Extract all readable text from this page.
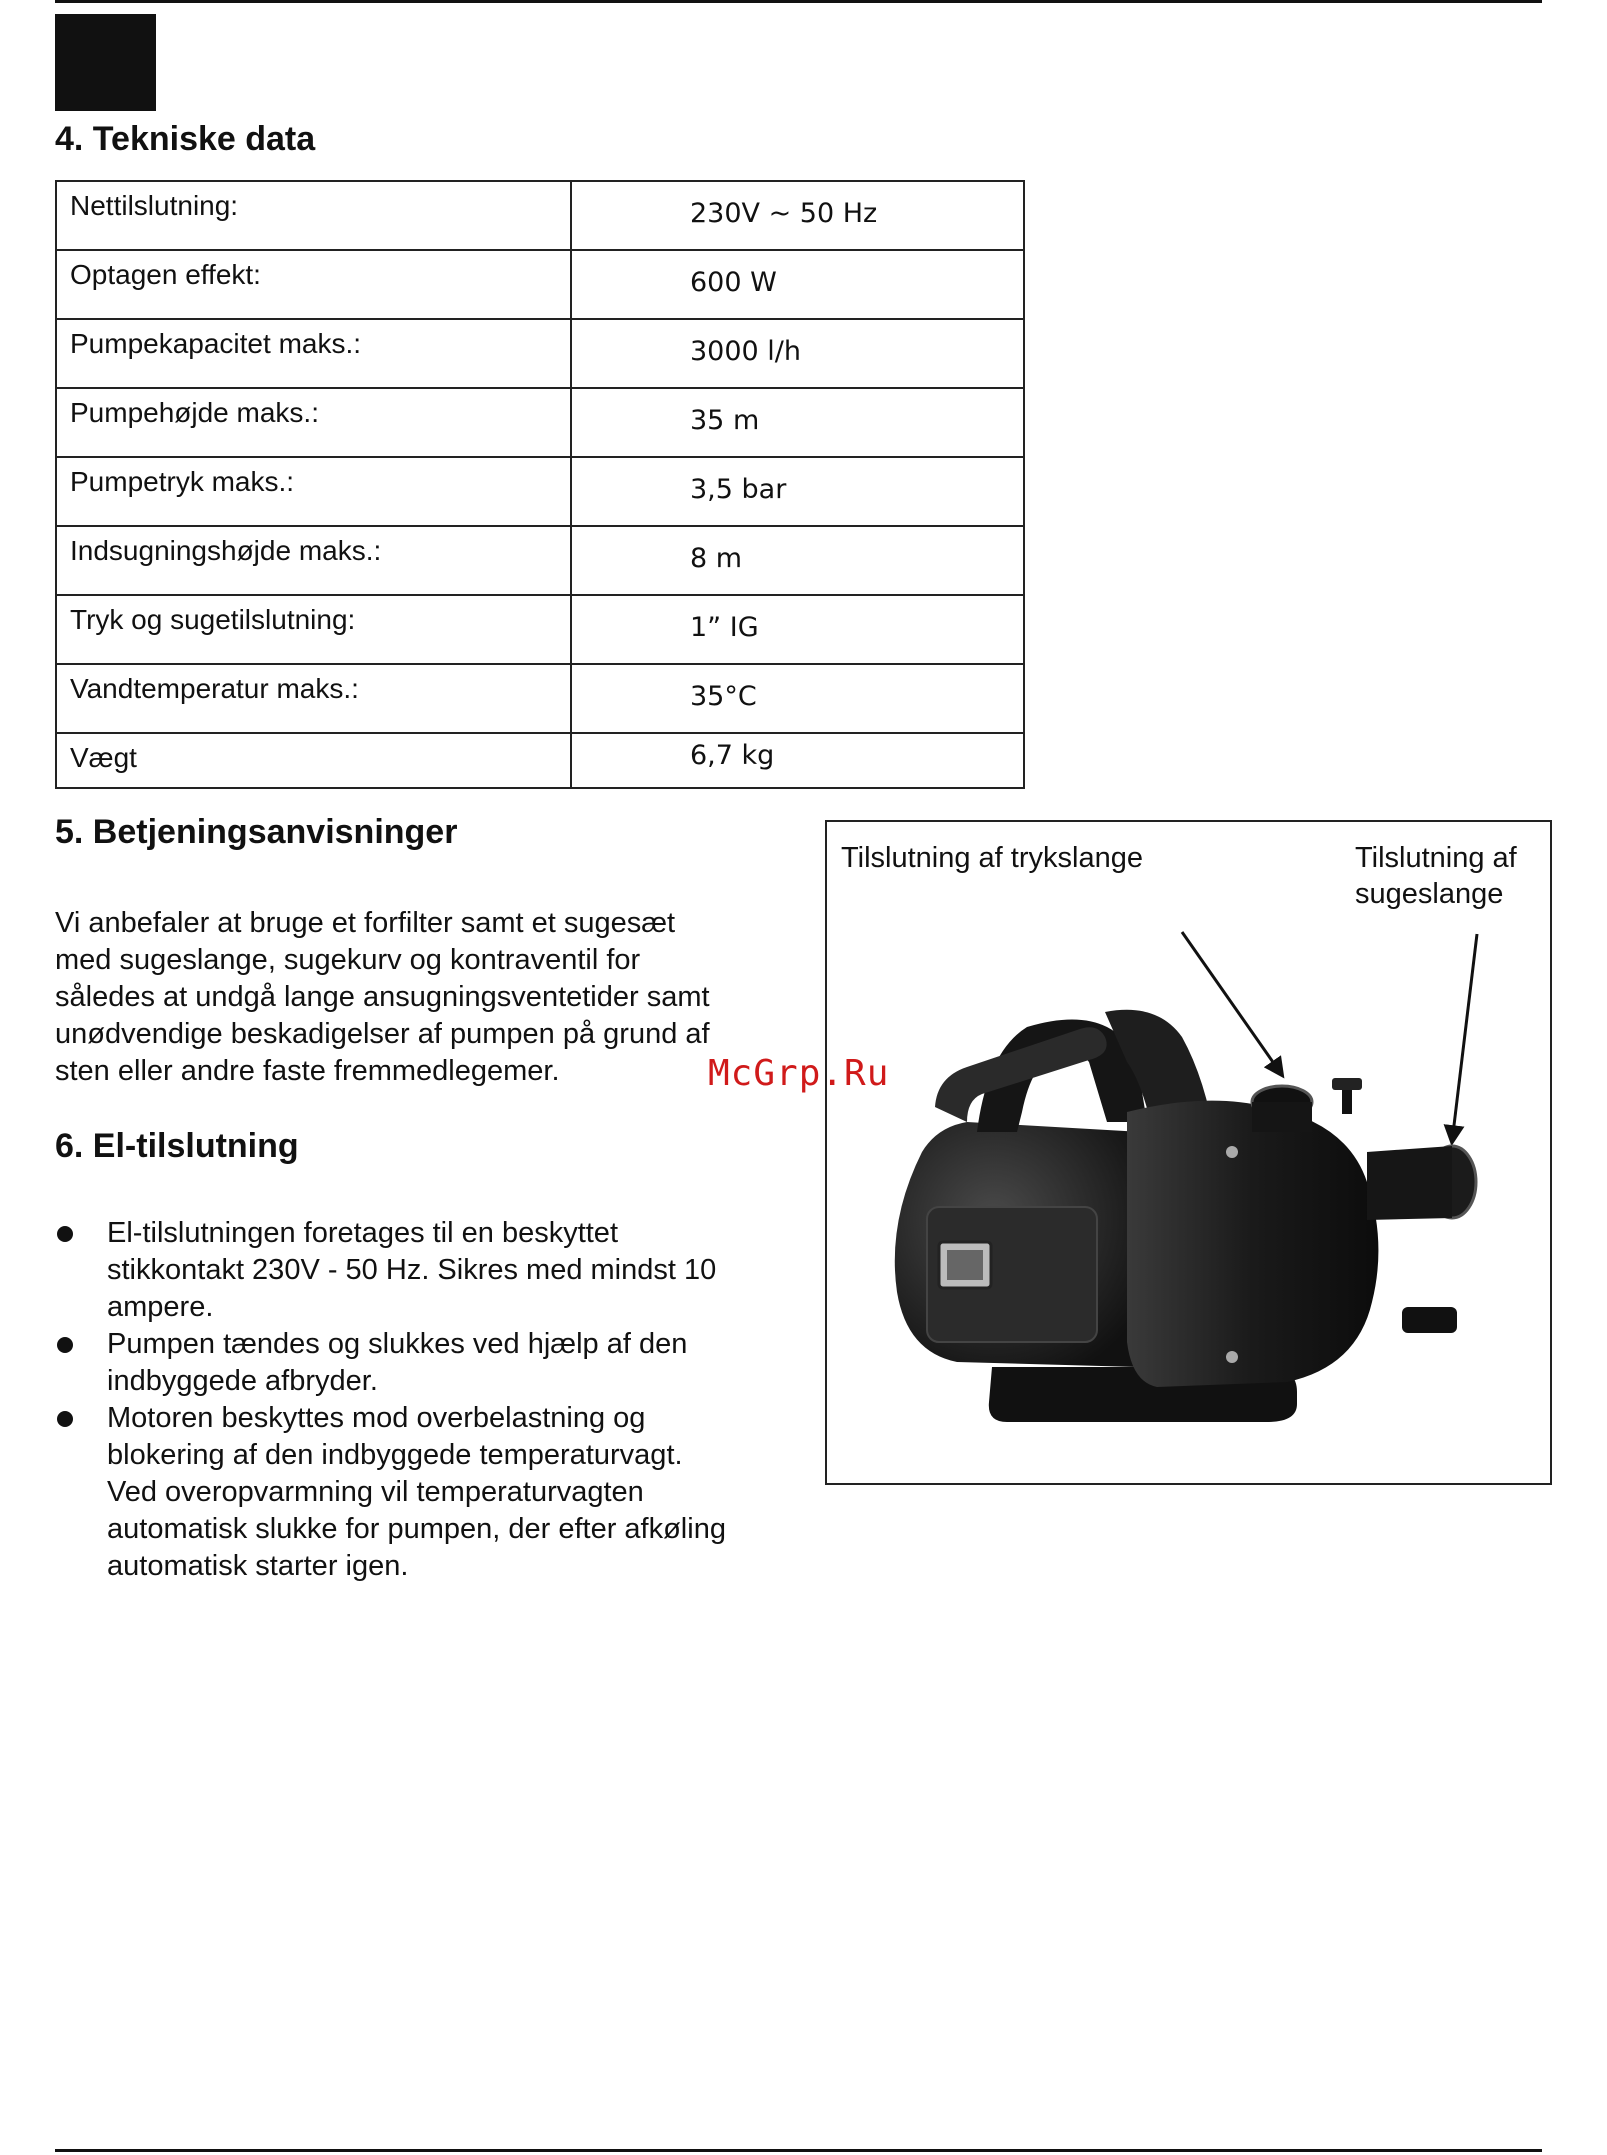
4. Tekniske data
Nettilslutning:	230V ~ 50 Hz
Optagen effekt:	600 W
Pumpekapacitet maks.:	3000 l/h
Pumpehøjde maks.:	35 m
Pumpetryk maks.:	3,5 bar
Indsugningshøjde maks.:	8 m
Tryk og sugetilslutning:	1” IG
Vandtemperatur maks.:	35°C
Vægt	6,7 kg
5. Betjeningsanvisninger

Vi anbefaler at bruge et forfilter samt et sugesæt
med sugeslange, sugekurv og kontraventil for
således at undgå lange ansugningsventetider samt
unødvendige beskadigelser af pumpen på grund af
sten eller andre faste fremmedlegemer.

6. El-tilslutning
El-tilslutningen foretages til en beskyttet
stikkontakt 230V - 50 Hz. Sikres med mindst 10
ampere.
Pumpen tændes og slukkes ved hjælp af den
indbyggede afbryder.
Motoren beskyttes mod overbelastning og
blokering af den indbyggede temperaturvagt.
Ved overopvarmning vil temperaturvagten
automatisk slukke for pumpen, der efter afkøling
automatisk starter igen.
Tilslutning af trykslange	Tilslutning af
sugeslange
McGrp.Ru
